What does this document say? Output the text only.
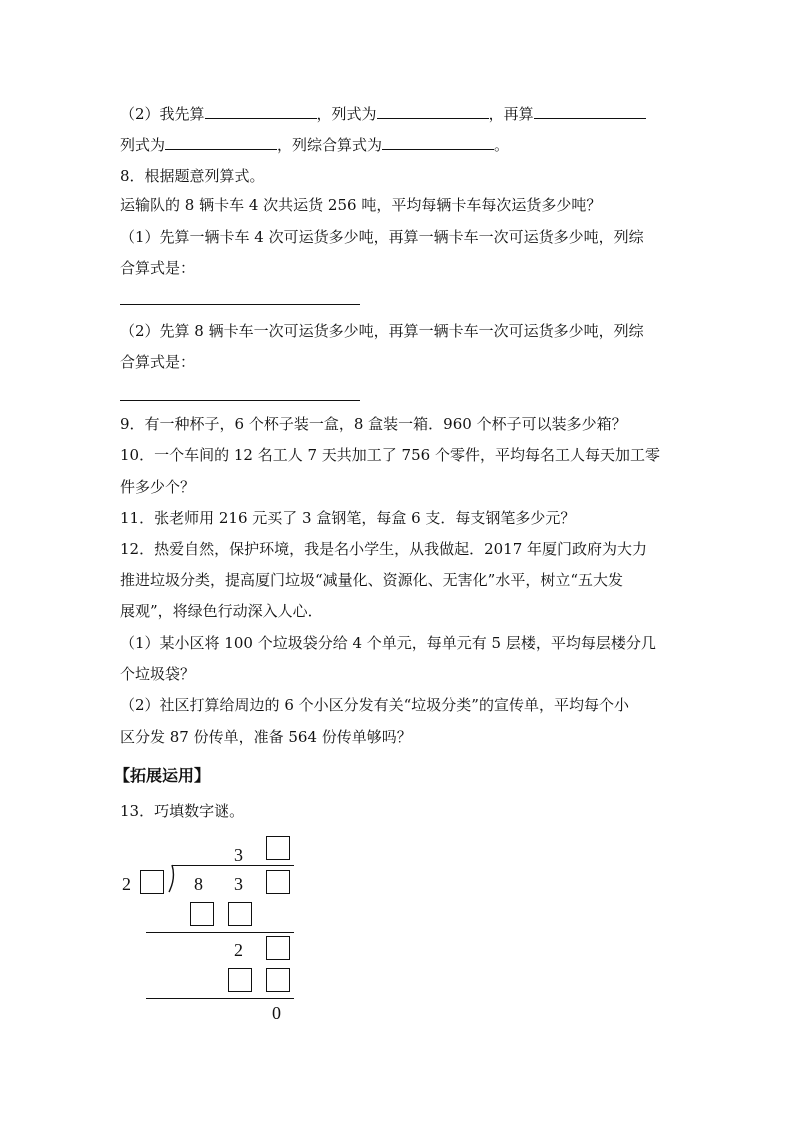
（2）我先算	，列式为	，再算
列式为	，列综合算式为	。
8．根据题意列算式。
运输队的 8 辆卡车 4 次共运货 256 吨，平均每辆卡车每次运货多少吨？
（1）先算一辆卡车 4 次可运货多少吨，再算一辆卡车一次可运货多少吨，列综
合算式是：
（2）先算 8 辆卡车一次可运货多少吨，再算一辆卡车一次可运货多少吨，列综
合算式是：
9．有一种杯子，6 个杯子装一盒，8 盒装一箱．960 个杯子可以装多少箱？
10．一个车间的 12 名工人 7 天共加工了 756 个零件，平均每名工人每天加工零
件多少个？
11．张老师用 216 元买了 3 盒钢笔，每盒 6 支．每支钢笔多少元？
12．热爱自然，保护环境，我是名小学生，从我做起．2017 年厦门政府为大力
推进垃圾分类，提高厦门垃圾“减量化、资源化、无害化”水平，树立“五大发
展观”，将绿色行动深入人心．
（1）某小区将 100 个垃圾袋分给 4 个单元，每单元有 5 层楼，平均每层楼分几
个垃圾袋？
（2）社区打算给周边的 6 个小区分发有关“垃圾分类”的宣传单，平均每个小
区分发 87 份传单，准备 564 份传单够吗？
【拓展运用】
13．巧填数字谜。
3
2	8 3
2
0
